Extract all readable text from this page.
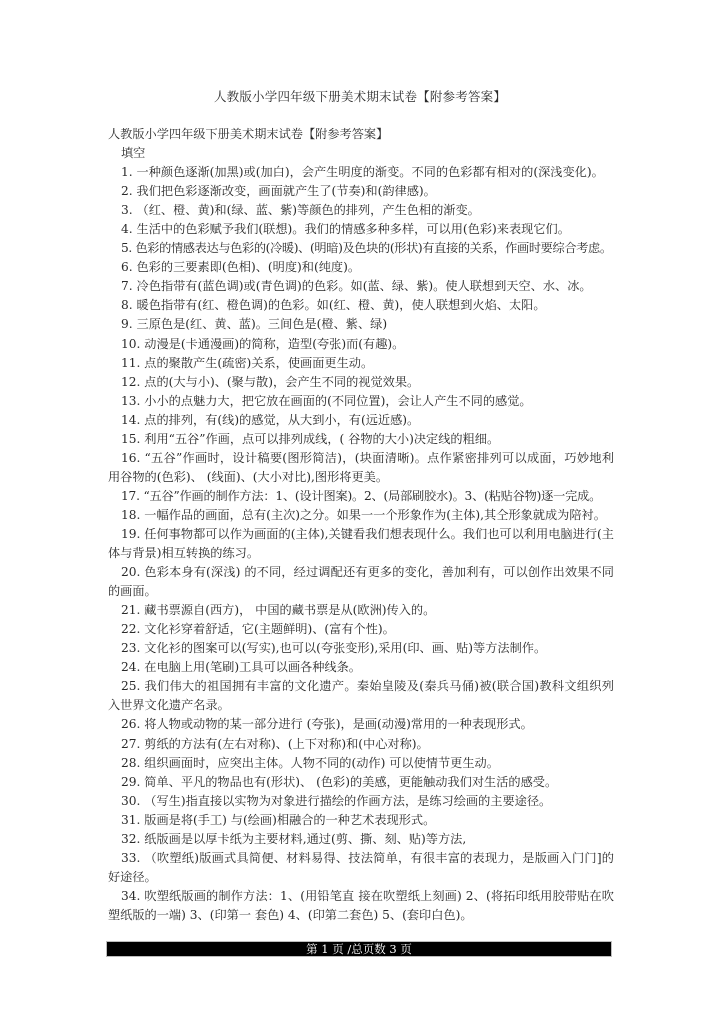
人教版小学四年级下册美术期末试卷【附参考答案】

人教版小学四年级下册美术期末试卷【附参考答案】

填空

1. 一种颜色逐渐(加黑)或(加白)，会产生明度的渐变。不同的色彩都有相对的(深浅变化)。

2. 我们把色彩逐渐改变，画面就产生了(节奏)和(韵律感)。

3. （红、橙、黄)和(绿、蓝、紫)等颜色的排列，产生色相的渐变。

4. 生活中的色彩赋予我们(联想)。我们的情感多种多样，可以用(色彩)来表现它们。

5. 色彩的情感表达与色彩的(冷暖)、(明暗)及色块的(形状)有直接的关系，作画时要综合考虑。

6. 色彩的三要素即(色相)、(明度)和(纯度)。

7. 冷色指带有(蓝色调)或(青色调)的色彩。如(蓝、绿、紫)。使人联想到天空、水、冰。

8. 暖色指带有(红、橙色调)的色彩。如(红、橙、黄)，使人联想到火焰、太阳。

9. 三原色是(红、黄、蓝)。三间色是(橙、紫、绿)

10. 动漫是(卡通漫画)的简称，造型(夸张)而(有趣)。

11. 点的聚散产生(疏密)关系，使画面更生动。

12. 点的(大与小)、(聚与散)，会产生不同的视觉效果。

13. 小小的点魅力大，把它放在画面的(不同位置)，会让人产生不同的感觉。

14. 点的排列，有(线)的感觉，从大到小，有(远近感)。

15. 利用“五谷”作画，点可以排列成线，( 谷物的大小)决定线的粗细。

16. “五谷”作画时，设计稿要(图形简洁)，(块面清晰)。点作紧密排列可以成面，巧妙地利用谷物的(色彩)、 (线面)、(大小对比),图形将更美。

17. “五谷”作画的制作方法：1、(设计图案)。2、(局部刷胶水)。3、(粘贴谷物)逐一完成。

18. 一幅作品的画面，总有(主次)之分。如果一一个形象作为(主体),其仝形象就成为陪衬。

19. 任何事物都可以作为画面的(主体),关键看我们想表现什么。我们也可以利用电脑进行(主体与背景)相互转换的练习。

20. 色彩本身有(深浅) 的不同，经过调配还有更多的变化，善加利有，可以创作出效果不同的画面。

21. 藏书票源自(西方)， 中国的藏书票是从(欧洲)传入的。

22. 文化衫穿着舒适，它(主题鲜明)、(富有个性)。

23. 文化衫的图案可以(写实),也可以(夸张变形),采用(印、画、贴)等方法制作。

24. 在电脑上用(笔刷)工具可以画各种线条。

25. 我们伟大的祖国拥有丰富的文化遗产。秦始皇陵及(秦兵马俑)被(联合国)教科文组织列入世界文化遗产名录。

26. 将人物或动物的某一部分进行 (夸张)，是画(动漫)常用的一种表现形式。

27. 剪纸的方法有(左右对称)、(上下对称)和(中心对称)。

28. 组织画面时，应突出主体。人物不同的(动作) 可以使情节更生动。

29. 简单、平凡的物品也有(形状)、 (色彩)的美感，更能触动我们对生活的感受。

30. （写生)指直接以实物为对象进行描绘的作画方法，是练习绘画的主要途径。

31. 版画是将(手工) 与(绘画)相融合的一种艺术表现形式。

32. 纸版画是以厚卡纸为主要材料,通过(剪、撕、刻、贴)等方法,

33. （吹塑纸)版画式具简便、材料易得、技法简单，有很丰富的表现力，是版画入门门]的好途径。

34. 吹塑纸版画的制作方法：1、(用铅笔直 接在吹塑纸上刻画) 2、(将拓印纸用胶带贴在吹塑纸版的一端) 3、(印第一 套色) 4、(印第二套色) 5、(套印白色)。

第 1 页 /总页数 3 页
